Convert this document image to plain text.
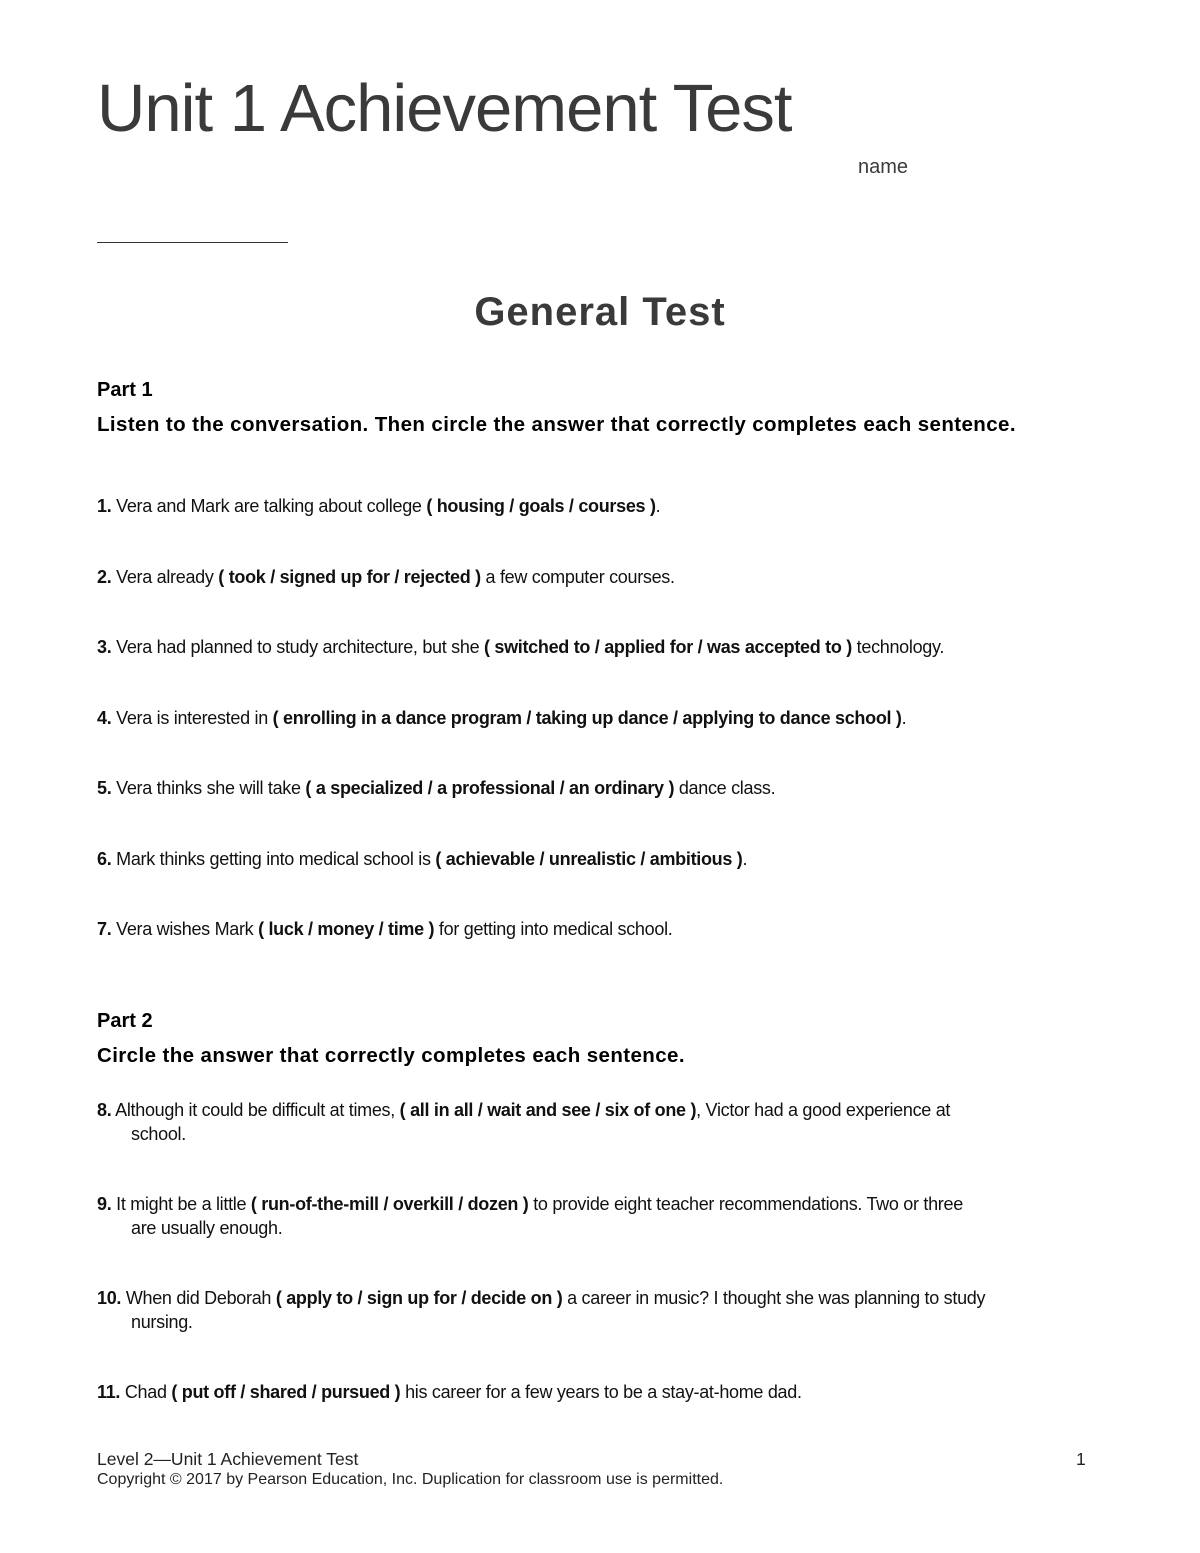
Unit 1 Achievement Test
name
General Test
Part 1
Listen to the conversation. Then circle the answer that correctly completes each sentence.
1. Vera and Mark are talking about college ( housing / goals / courses ).
2. Vera already ( took / signed up for / rejected ) a few computer courses.
3. Vera had planned to study architecture, but she ( switched to / applied for / was accepted to ) technology.
4. Vera is interested in ( enrolling in a dance program / taking up dance / applying to dance school ).
5. Vera thinks she will take ( a specialized / a professional / an ordinary ) dance class.
6. Mark thinks getting into medical school is ( achievable / unrealistic / ambitious ).
7. Vera wishes Mark ( luck / money / time ) for getting into medical school.
Part 2
Circle the answer that correctly completes each sentence.
8. Although it could be difficult at times, ( all in all / wait and see / six of one ), Victor had a good experience at
school.
9. It might be a little ( run-of-the-mill / overkill / dozen ) to provide eight teacher recommendations. Two or three
are usually enough.
10. When did Deborah ( apply to / sign up for / decide on ) a career in music? I thought she was planning to study
nursing.
11. Chad ( put off / shared / pursued ) his career for a few years to be a stay-at-home dad.
Level 2—Unit 1 Achievement Test	1
Copyright © 2017 by Pearson Education, Inc. Duplication for classroom use is permitted.
